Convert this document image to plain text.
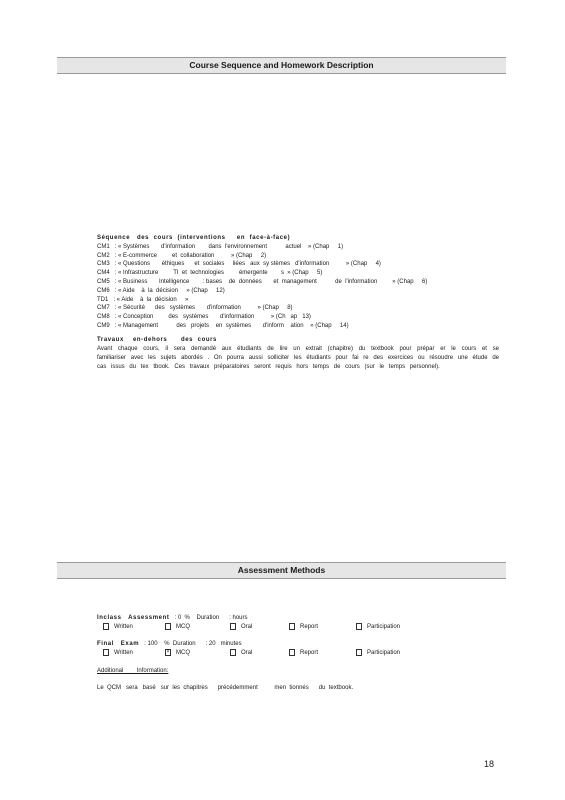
Course Sequence and Homework Description
Séquence   des  cours  (interventions     en  face-à-face)
CM1   : « Systèmes       d'information        dans  l'environnement           actuel    » (Chap     1)
CM2   : « E-commerce         et  collaboration          » (Chap     2)
CM3   : « Questions       éthiques      et  sociales     liées   aux  sy stèmes   d'information          » (Chap     4)
CM4   : « Infrastructure         TI  et  technologies         émergente        s  » (Chap     5)
CM5   : « Business       Intelligence        : bases    de  données       et  management           de  l'information         » (Chap     6)
CM6   : « Aide    à  la  décision     » (Chap     12)
TD1   : « Aide    à  la  décision     »
CM7   : « Sécurité      des   systèmes       d'information          » (Chap     8)
CM8   : « Conception         des   systèmes       d'information          » (Ch   ap   13)
CM9   : « Management           des   projets    en  systèmes       d'inform    ation    » (Chap     14)
Travaux    en-dehors      des  cours
Avant chaque cours, il sera demandé aux étudiants de lire un extrait (chapitre) du textbook pour prépar er le cours et se familiariser avec les sujets abordés . On pourra aussi solliciter les étudiants pour fai re des exercices ou résoudre une étude de cas issus du tex tbook. Ces travaux préparatoires seront requis hors temps de cours (sur le temps personnel).
Assessment Methods
Inclass   Assessment   : 0  %    Duration      : hours
Written	MCQ	Oral	Report	Participation
Final   Exam   : 100    %  Duration      : 20   minutes
Written	× MCQ	Oral	Report	Participation
Additional        Information:
Le  QCM   sera   basé   sur  les  chapitres      précédemment          men  tionnés      du  textbook.
18
